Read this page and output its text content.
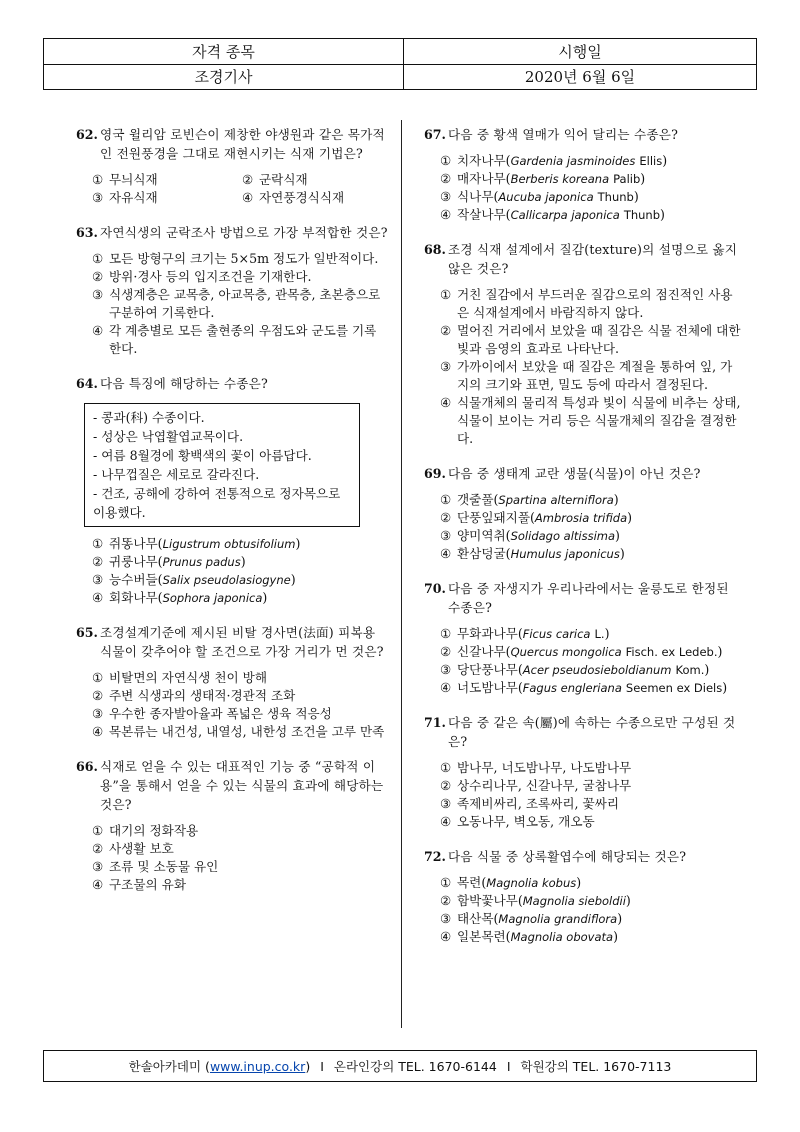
자격 종목	시행일
조경기사	2020년 6월 6일
62. 영국 윌리암 로빈슨이 제창한 야생원과 같은 목가적인 전원풍경을 그대로 재현시키는 식재 기법은?
① 무늬식재	② 군락식재
③ 자유식재	④ 자연풍경식식재
63. 자연식생의 군락조사 방법으로 가장 부적합한 것은?
① 모든 방형구의 크기는 5×5m 정도가 일반적이다.
② 방위·경사 등의 입지조건을 기재한다.
③ 식생계층은 교목층, 아교목층, 관목층, 초본층으로 구분하여 기록한다.
④ 각 계층별로 모든 출현종의 우점도와 군도를 기록한다.
64. 다음 특징에 해당하는 수종은?
- 콩과(科) 수종이다.
- 성상은 낙엽활엽교목이다.
- 여름 8월경에 황백색의 꽃이 아름답다.
- 나무껍질은 세로로 갈라진다.
- 건조, 공해에 강하여 전통적으로 정자목으로 이용했다.
① 쥐똥나무(Ligustrum obtusifolium)
② 귀룽나무(Prunus padus)
③ 능수버들(Salix pseudolasiogyne)
④ 회화나무(Sophora japonica)
65. 조경설계기준에 제시된 비탈 경사면(法面) 피복용 식물이 갖추어야 할 조건으로 가장 거리가 먼 것은?
① 비탈면의 자연식생 천이 방해
② 주변 식생과의 생태적·경관적 조화
③ 우수한 종자발아율과 폭넓은 생육 적응성
④ 목본류는 내건성, 내열성, 내한성 조건을 고루 만족
66. 식재로 얻을 수 있는 대표적인 기능 중 “공학적 이용”을 통해서 얻을 수 있는 식물의 효과에 해당하는 것은?
① 대기의 정화작용
② 사생활 보호
③ 조류 및 소동물 유인
④ 구조물의 유화
67. 다음 중 황색 열매가 익어 달리는 수종은?
① 치자나무(Gardenia jasminoides Ellis)
② 매자나무(Berberis koreana Palib)
③ 식나무(Aucuba japonica Thunb)
④ 작살나무(Callicarpa japonica Thunb)
68. 조경 식재 설계에서 질감(texture)의 설명으로 옳지 않은 것은?
① 거친 질감에서 부드러운 질감으로의 점진적인 사용은 식재설계에서 바람직하지 않다.
② 멀어진 거리에서 보았을 때 질감은 식물 전체에 대한 빛과 음영의 효과로 나타난다.
③ 가까이에서 보았을 때 질감은 계절을 통하여 잎, 가지의 크기와 표면, 밀도 등에 따라서 결정된다.
④ 식물개체의 물리적 특성과 빛이 식물에 비추는 상태, 식물이 보이는 거리 등은 식물개체의 질감을 결정한다.
69. 다음 중 생태계 교란 생물(식물)이 아닌 것은?
① 갯줄풀(Spartina alterniflora)
② 단풍잎돼지풀(Ambrosia trifida)
③ 양미역취(Solidago altissima)
④ 환삼덩굴(Humulus japonicus)
70. 다음 중 자생지가 우리나라에서는 울릉도로 한정된 수종은?
① 무화과나무(Ficus carica L.)
② 신갈나무(Quercus mongolica Fisch. ex Ledeb.)
③ 당단풍나무(Acer pseudosieboldianum Kom.)
④ 너도밤나무(Fagus engleriana Seemen ex Diels)
71. 다음 중 같은 속(屬)에 속하는 수종으로만 구성된 것은?
① 밤나무, 너도밤나무, 나도밤나무
② 상수리나무, 신갈나무, 굴참나무
③ 족제비싸리, 조록싸리, 꽃싸리
④ 오동나무, 벽오동, 개오동
72. 다음 식물 중 상록활엽수에 해당되는 것은?
① 목련(Magnolia kobus)
② 함박꽃나무(Magnolia sieboldii)
③ 태산목(Magnolia grandiflora)
④ 일본목련(Magnolia obovata)
한솔아카데미 ( www.inup.co.kr ) I 온라인강의 TEL. 1670-6144 I 학원강의 TEL. 1670-7113
